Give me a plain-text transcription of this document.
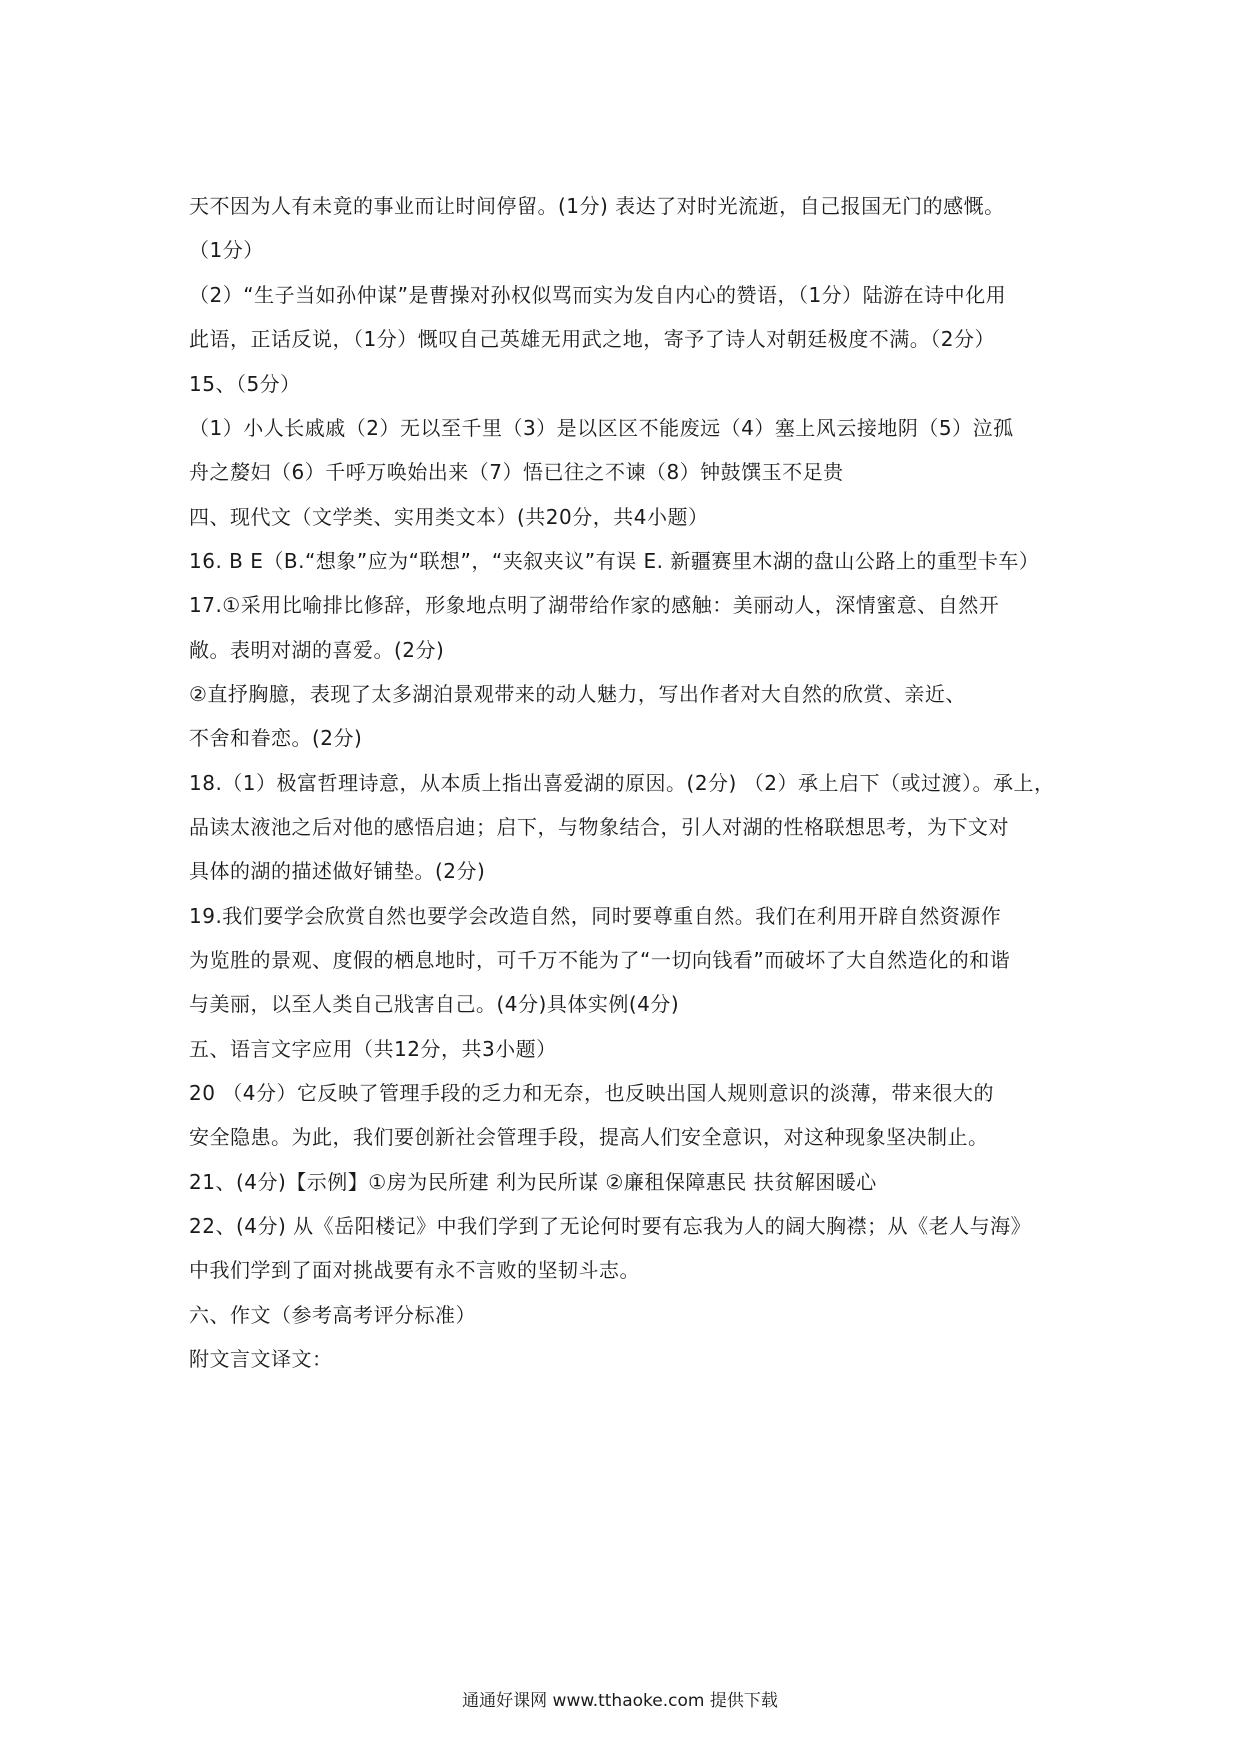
天不因为人有未竟的事业而让时间停留。(1分) 表达了对时光流逝，自己报国无门的感慨。
（1分）
（2）“生子当如孙仲谋”是曹操对孙权似骂而实为发自内心的赞语，（1分）陆游在诗中化用
此语，正话反说，（1分）慨叹自己英雄无用武之地，寄予了诗人对朝廷极度不满。（2分）
15、（5分）
（1）小人长戚戚（2）无以至千里（3）是以区区不能废远（4）塞上风云接地阴（5）泣孤
舟之嫠妇（6）千呼万唤始出来（7）悟已往之不谏（8）钟鼓馔玉不足贵
四、现代文（文学类、实用类文本）(共20分，共4小题）
16. B E（B.“想象”应为“联想”，“夹叙夹议”有误 E. 新疆赛里木湖的盘山公路上的重型卡车）
17.①采用比喻排比修辞，形象地点明了湖带给作家的感触：美丽动人，深情蜜意、自然开
敞。表明对湖的喜爱。(2分)
②直抒胸臆，表现了太多湖泊景观带来的动人魅力，写出作者对大自然的欣赏、亲近、
不舍和眷恋。(2分)
18.（1）极富哲理诗意，从本质上指出喜爱湖的原因。(2分) （2）承上启下（或过渡）。承上，
品读太液池之后对他的感悟启迪；启下，与物象结合，引人对湖的性格联想思考，为下文对
具体的湖的描述做好铺垫。(2分)
19.我们要学会欣赏自然也要学会改造自然，同时要尊重自然。我们在利用开辟自然资源作
为览胜的景观、度假的栖息地时，可千万不能为了“一切向钱看”而破坏了大自然造化的和谐
与美丽，以至人类自己戕害自己。(4分)具体实例(4分)
五、语言文字应用（共12分，共3小题）
20 （4分）它反映了管理手段的乏力和无奈，也反映出国人规则意识的淡薄，带来很大的
安全隐患。为此，我们要创新社会管理手段，提高人们安全意识，对这种现象坚决制止。
21、(4分)【示例】①房为民所建 利为民所谋 ②廉租保障惠民 扶贫解困暖心
22、(4分) 从《岳阳楼记》中我们学到了无论何时要有忘我为人的阔大胸襟；从《老人与海》
中我们学到了面对挑战要有永不言败的坚韧斗志。
六、作文（参考高考评分标准）
附文言文译文：
通通好课网 www.tthaoke.com 提供下载
